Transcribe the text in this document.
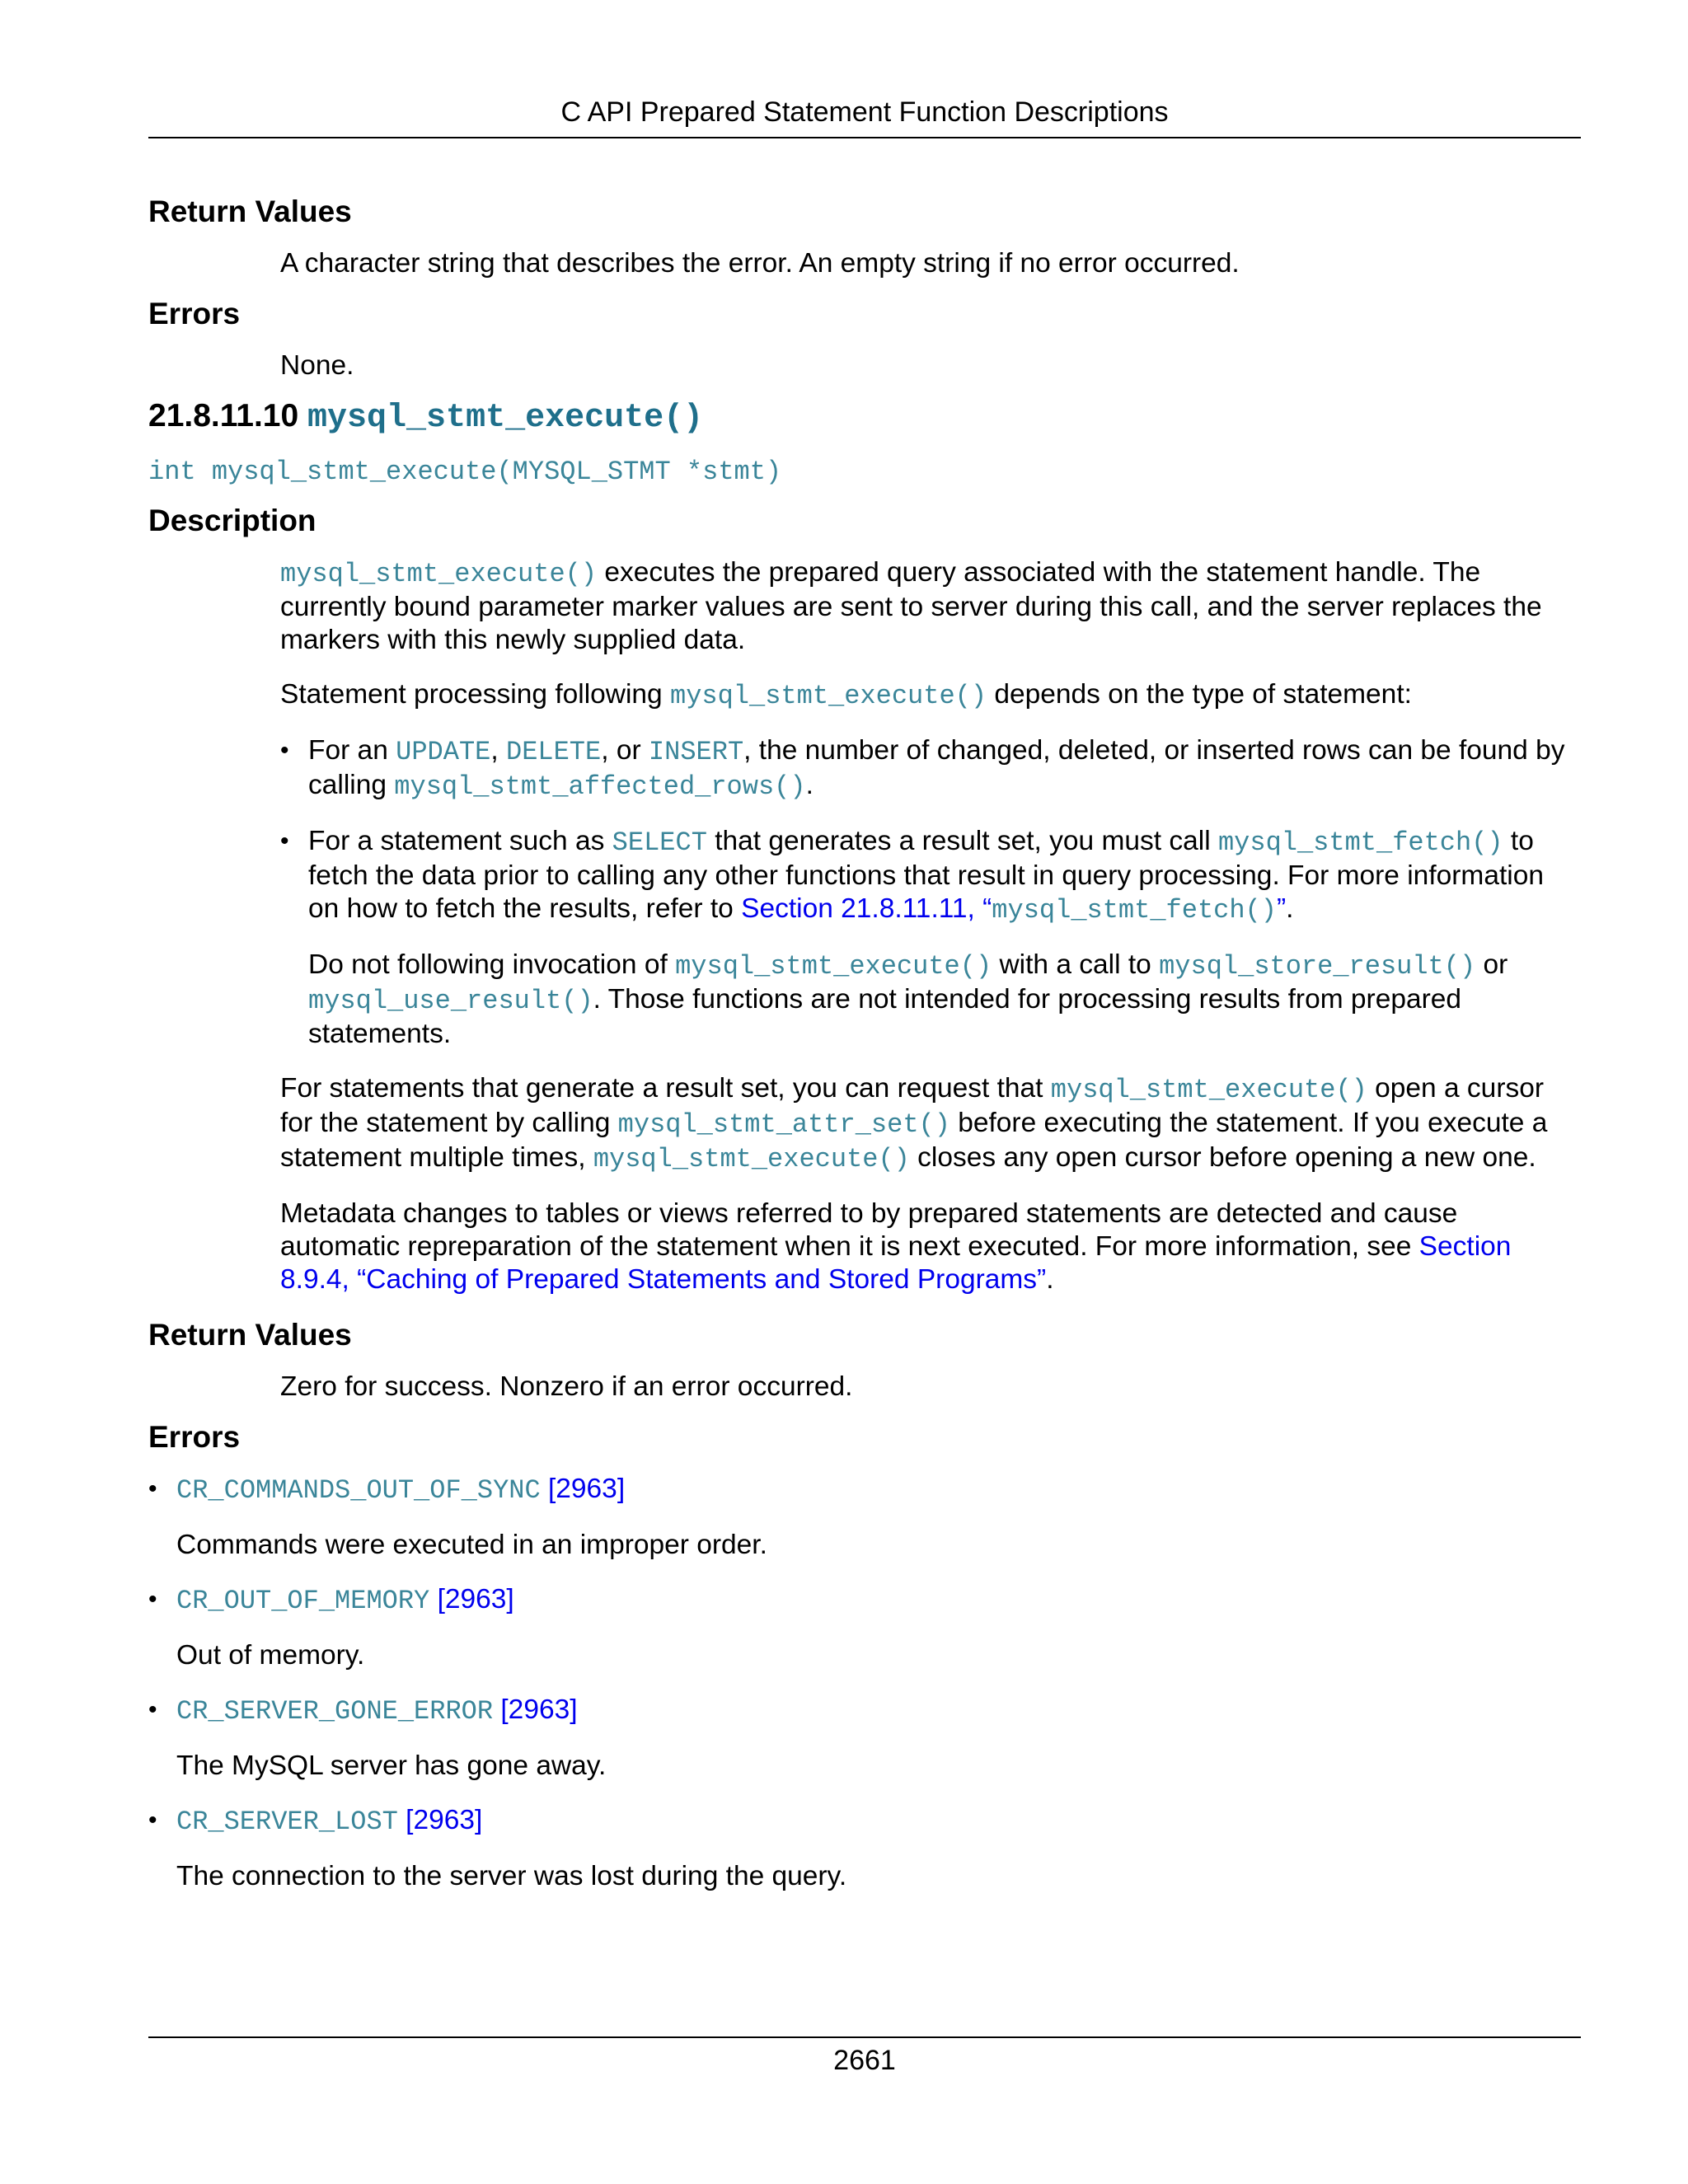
C API Prepared Statement Function Descriptions
Return Values

A character string that describes the error. An empty string if no error occurred.

Errors

None.

21.8.11.10 mysql_stmt_execute()

int mysql_stmt_execute(MYSQL_STMT *stmt)

Description

mysql_stmt_execute() executes the prepared query associated with the statement handle. The currently bound parameter marker values are sent to server during this call, and the server replaces the markers with this newly supplied data.

Statement processing following mysql_stmt_execute() depends on the type of statement:

• For an UPDATE, DELETE, or INSERT, the number of changed, deleted, or inserted rows can be found by calling mysql_stmt_affected_rows().

• For a statement such as SELECT that generates a result set, you must call mysql_stmt_fetch() to fetch the data prior to calling any other functions that result in query processing. For more information on how to fetch the results, refer to Section 21.8.11.11, “mysql_stmt_fetch()”.

Do not following invocation of mysql_stmt_execute() with a call to mysql_store_result() or mysql_use_result(). Those functions are not intended for processing results from prepared statements.

For statements that generate a result set, you can request that mysql_stmt_execute() open a cursor for the statement by calling mysql_stmt_attr_set() before executing the statement. If you execute a statement multiple times, mysql_stmt_execute() closes any open cursor before opening a new one.

Metadata changes to tables or views referred to by prepared statements are detected and cause automatic repreparation of the statement when it is next executed. For more information, see Section 8.9.4, “Caching of Prepared Statements and Stored Programs”.

Return Values

Zero for success. Nonzero if an error occurred.

Errors
• CR_COMMANDS_OUT_OF_SYNC [2963]

Commands were executed in an improper order.

• CR_OUT_OF_MEMORY [2963]

Out of memory.

• CR_SERVER_GONE_ERROR [2963]

The MySQL server has gone away.

• CR_SERVER_LOST [2963]

The connection to the server was lost during the query.

2661
